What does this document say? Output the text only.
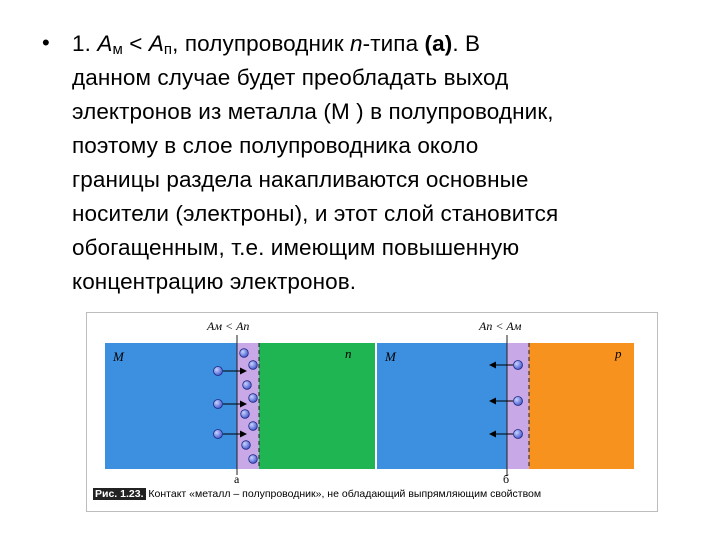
• 1. $A_м < A_п$, полупроводник n-типа (а). В
данном случае будет преобладать выход
электронов из металла (М ) в полупроводник,
поэтому в слое полупроводника около
границы раздела накапливаются основные
носители (электроны), и этот слой становится
обогащенным, т.е. имеющим повышенную
концентрацию электронов.
Aм < Aп
M	n
а
Aп < Aм
M	p
б
Рис. 1.23. Контакт «металл – полупроводник», не обладающий выпрямляющим свойством
